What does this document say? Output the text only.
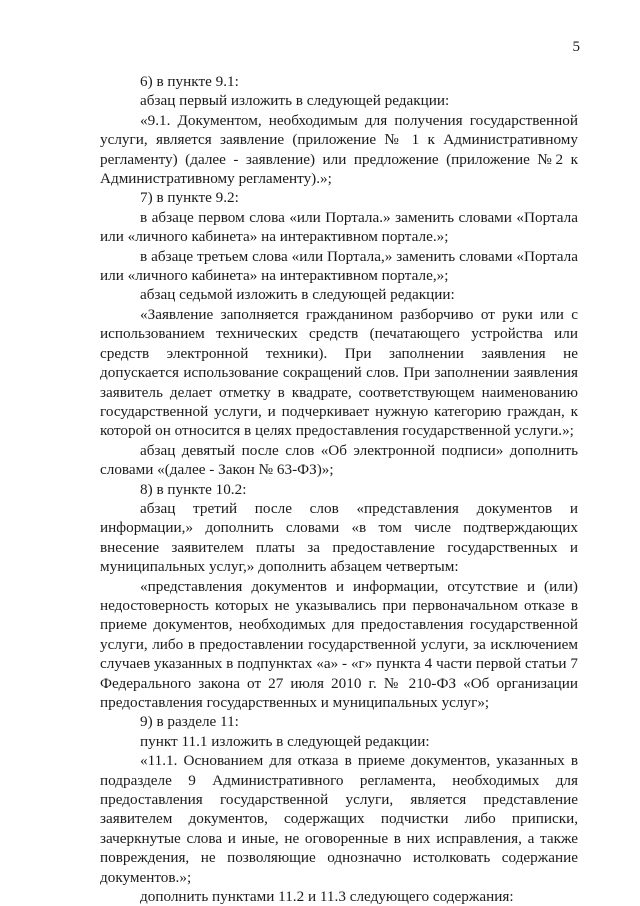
5

6) в пункте 9.1:

абзац первый изложить в следующей редакции:

«9.1. Документом, необходимым для получения государственной услуги, является заявление (приложение № 1 к Административному регламенту) (далее - заявление) или предложение (приложение №2 к Административному регламенту).»;

7) в пункте 9.2:

в абзаце первом слова «или Портала.» заменить словами «Портала или «личного кабинета» на интерактивном портале.»;

в абзаце третьем слова «или Портала,» заменить словами «Портала или «личного кабинета» на интерактивном портале,»;

абзац седьмой изложить в следующей редакции:

«Заявление заполняется гражданином разборчиво от руки или с использованием технических средств (печатающего устройства или средств электронной техники). При заполнении заявления не допускается использование сокращений слов. При заполнении заявления заявитель делает отметку в квадрате, соответствующем наименованию государственной услуги, и подчеркивает нужную категорию граждан, к которой он относится в целях предоставления государственной услуги.»;

абзац девятый после слов «Об электронной подписи» дополнить словами «(далее - Закон № 63-ФЗ)»;

8) в пункте 10.2:

абзац третий после слов «представления документов и информации,» дополнить словами «в том числе подтверждающих внесение заявителем платы за предоставление государственных и муниципальных услуг,» дополнить абзацем четвертым:

«представления документов и информации, отсутствие и (или) недостоверность которых не указывались при первоначальном отказе в приеме документов, необходимых для предоставления государственной услуги, либо в предоставлении государственной услуги, за исключением случаев указанных в подпунктах «а» - «г» пункта 4 части первой статьи 7 Федерального закона от 27 июля 2010 г. № 210-ФЗ «Об организации предоставления государственных и муниципальных услуг»;

9) в разделе 11:

пункт 11.1 изложить в следующей редакции:

«11.1. Основанием для отказа в приеме документов, указанных в подразделе 9 Административного регламента, необходимых для предоставления государственной услуги, является представление заявителем документов, содержащих подчистки либо приписки, зачеркнутые слова и иные, не оговоренные в них исправления, а также повреждения, не позволяющие однозначно истолковать содержание документов.»;

дополнить пунктами 11.2 и 11.3 следующего содержания:
